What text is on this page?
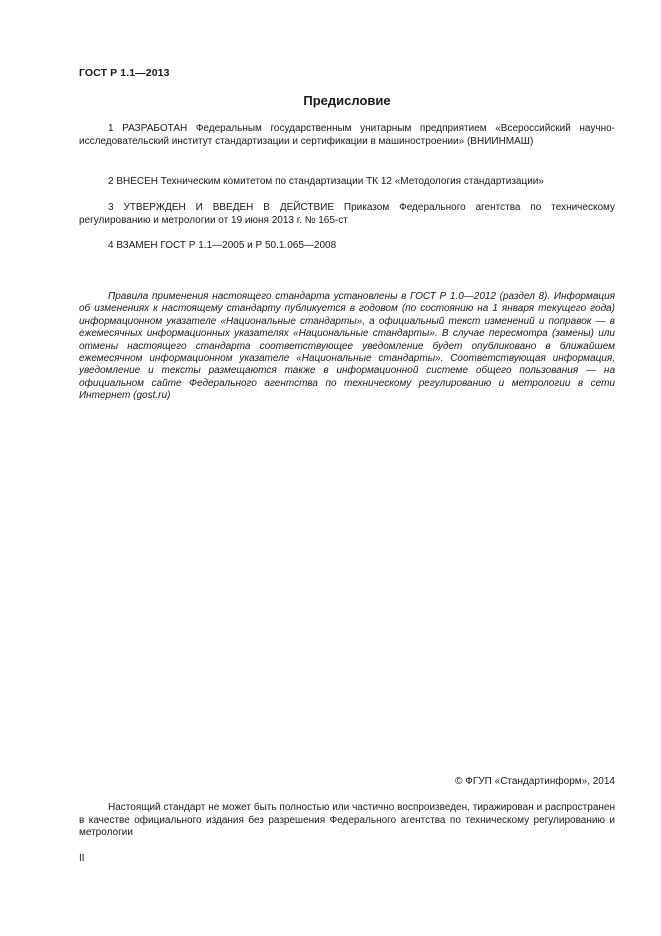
ГОСТ Р 1.1—2013
Предисловие

1 РАЗРАБОТАН Федеральным государственным унитарным предприятием «Всероссийский научно-исследовательский институт стандартизации и сертификации в машиностроении» (ВНИИНМАШ)

2 ВНЕСЕН Техническим комитетом по стандартизации ТК 12 «Методология стандартизации»

3 УТВЕРЖДЕН И ВВЕДЕН В ДЕЙСТВИЕ Приказом Федерального агентства по техническому регулированию и метрологии от 19 июня 2013 г. № 165-ст

4 ВЗАМЕН ГОСТ Р 1.1—2005 и Р 50.1.065—2008

Правила применения настоящего стандарта установлены в ГОСТ Р 1.0—2012 (раздел 8). Информация об изменениях к настоящему стандарту публикуется в годовом (по состоянию на 1 января текущего года) информационном указателе «Национальные стандарты», а официальный текст изменений и поправок — в ежемесячных информационных указателях «Национальные стандарты». В случае пересмотра (замены) или отмены настоящего стандарта соответствующее уведомление будет опубликовано в ближайшем ежемесячном информационном указателе «Национальные стандарты». Соответствующая информация, уведомление и тексты размещаются также в информационной системе общего пользования — на официальном сайте Федерального агентства по техническому регулированию и метрологии в сети Интернет (gost.ru)

© ФГУП «Стандартинформ», 2014

Настоящий стандарт не может быть полностью или частично воспроизведен, тиражирован и распространен в качестве официального издания без разрешения Федерального агентства по техническому регулированию и метрологии

II
